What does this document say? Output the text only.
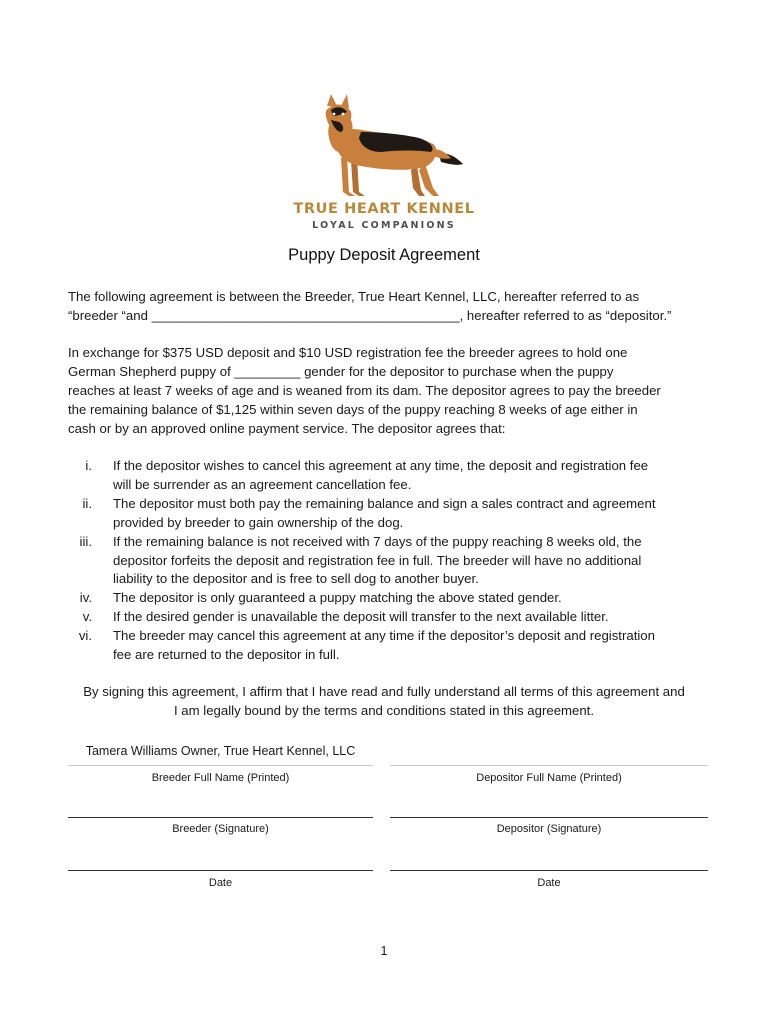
TRUE HEART KENNEL
LOYAL COMPANIONS
Puppy Deposit Agreement
The following agreement is between the Breeder, True Heart Kennel, LLC, hereafter referred to as
“breeder “and __________________________________________, hereafter referred to as “depositor.”
In exchange for $375 USD deposit and $10 USD registration fee the breeder agrees to hold one
German Shepherd puppy of _________ gender for the depositor to purchase when the puppy
reaches at least 7 weeks of age and is weaned from its dam. The depositor agrees to pay the breeder
the remaining balance of $1,125 within seven days of the puppy reaching 8 weeks of age either in
cash or by an approved online payment service. The depositor agrees that:
i. If the depositor wishes to cancel this agreement at any time, the deposit and registration fee
will be surrender as an agreement cancellation fee.
ii. The depositor must both pay the remaining balance and sign a sales contract and agreement
provided by breeder to gain ownership of the dog.
iii. If the remaining balance is not received with 7 days of the puppy reaching 8 weeks old, the
depositor forfeits the deposit and registration fee in full. The breeder will have no additional
liability to the depositor and is free to sell dog to another buyer.
iv. The depositor is only guaranteed a puppy matching the above stated gender.
v. If the desired gender is unavailable the deposit will transfer to the next available litter.
vi. The breeder may cancel this agreement at any time if the depositor’s deposit and registration
fee are returned to the depositor in full.
By signing this agreement, I affirm that I have read and fully understand all terms of this agreement and
I am legally bound by the terms and conditions stated in this agreement.
Tamera Williams Owner, True Heart Kennel, LLC
Breeder Full Name (Printed)	Depositor Full Name (Printed)
Breeder (Signature)	Depositor (Signature)
Date	Date
1
